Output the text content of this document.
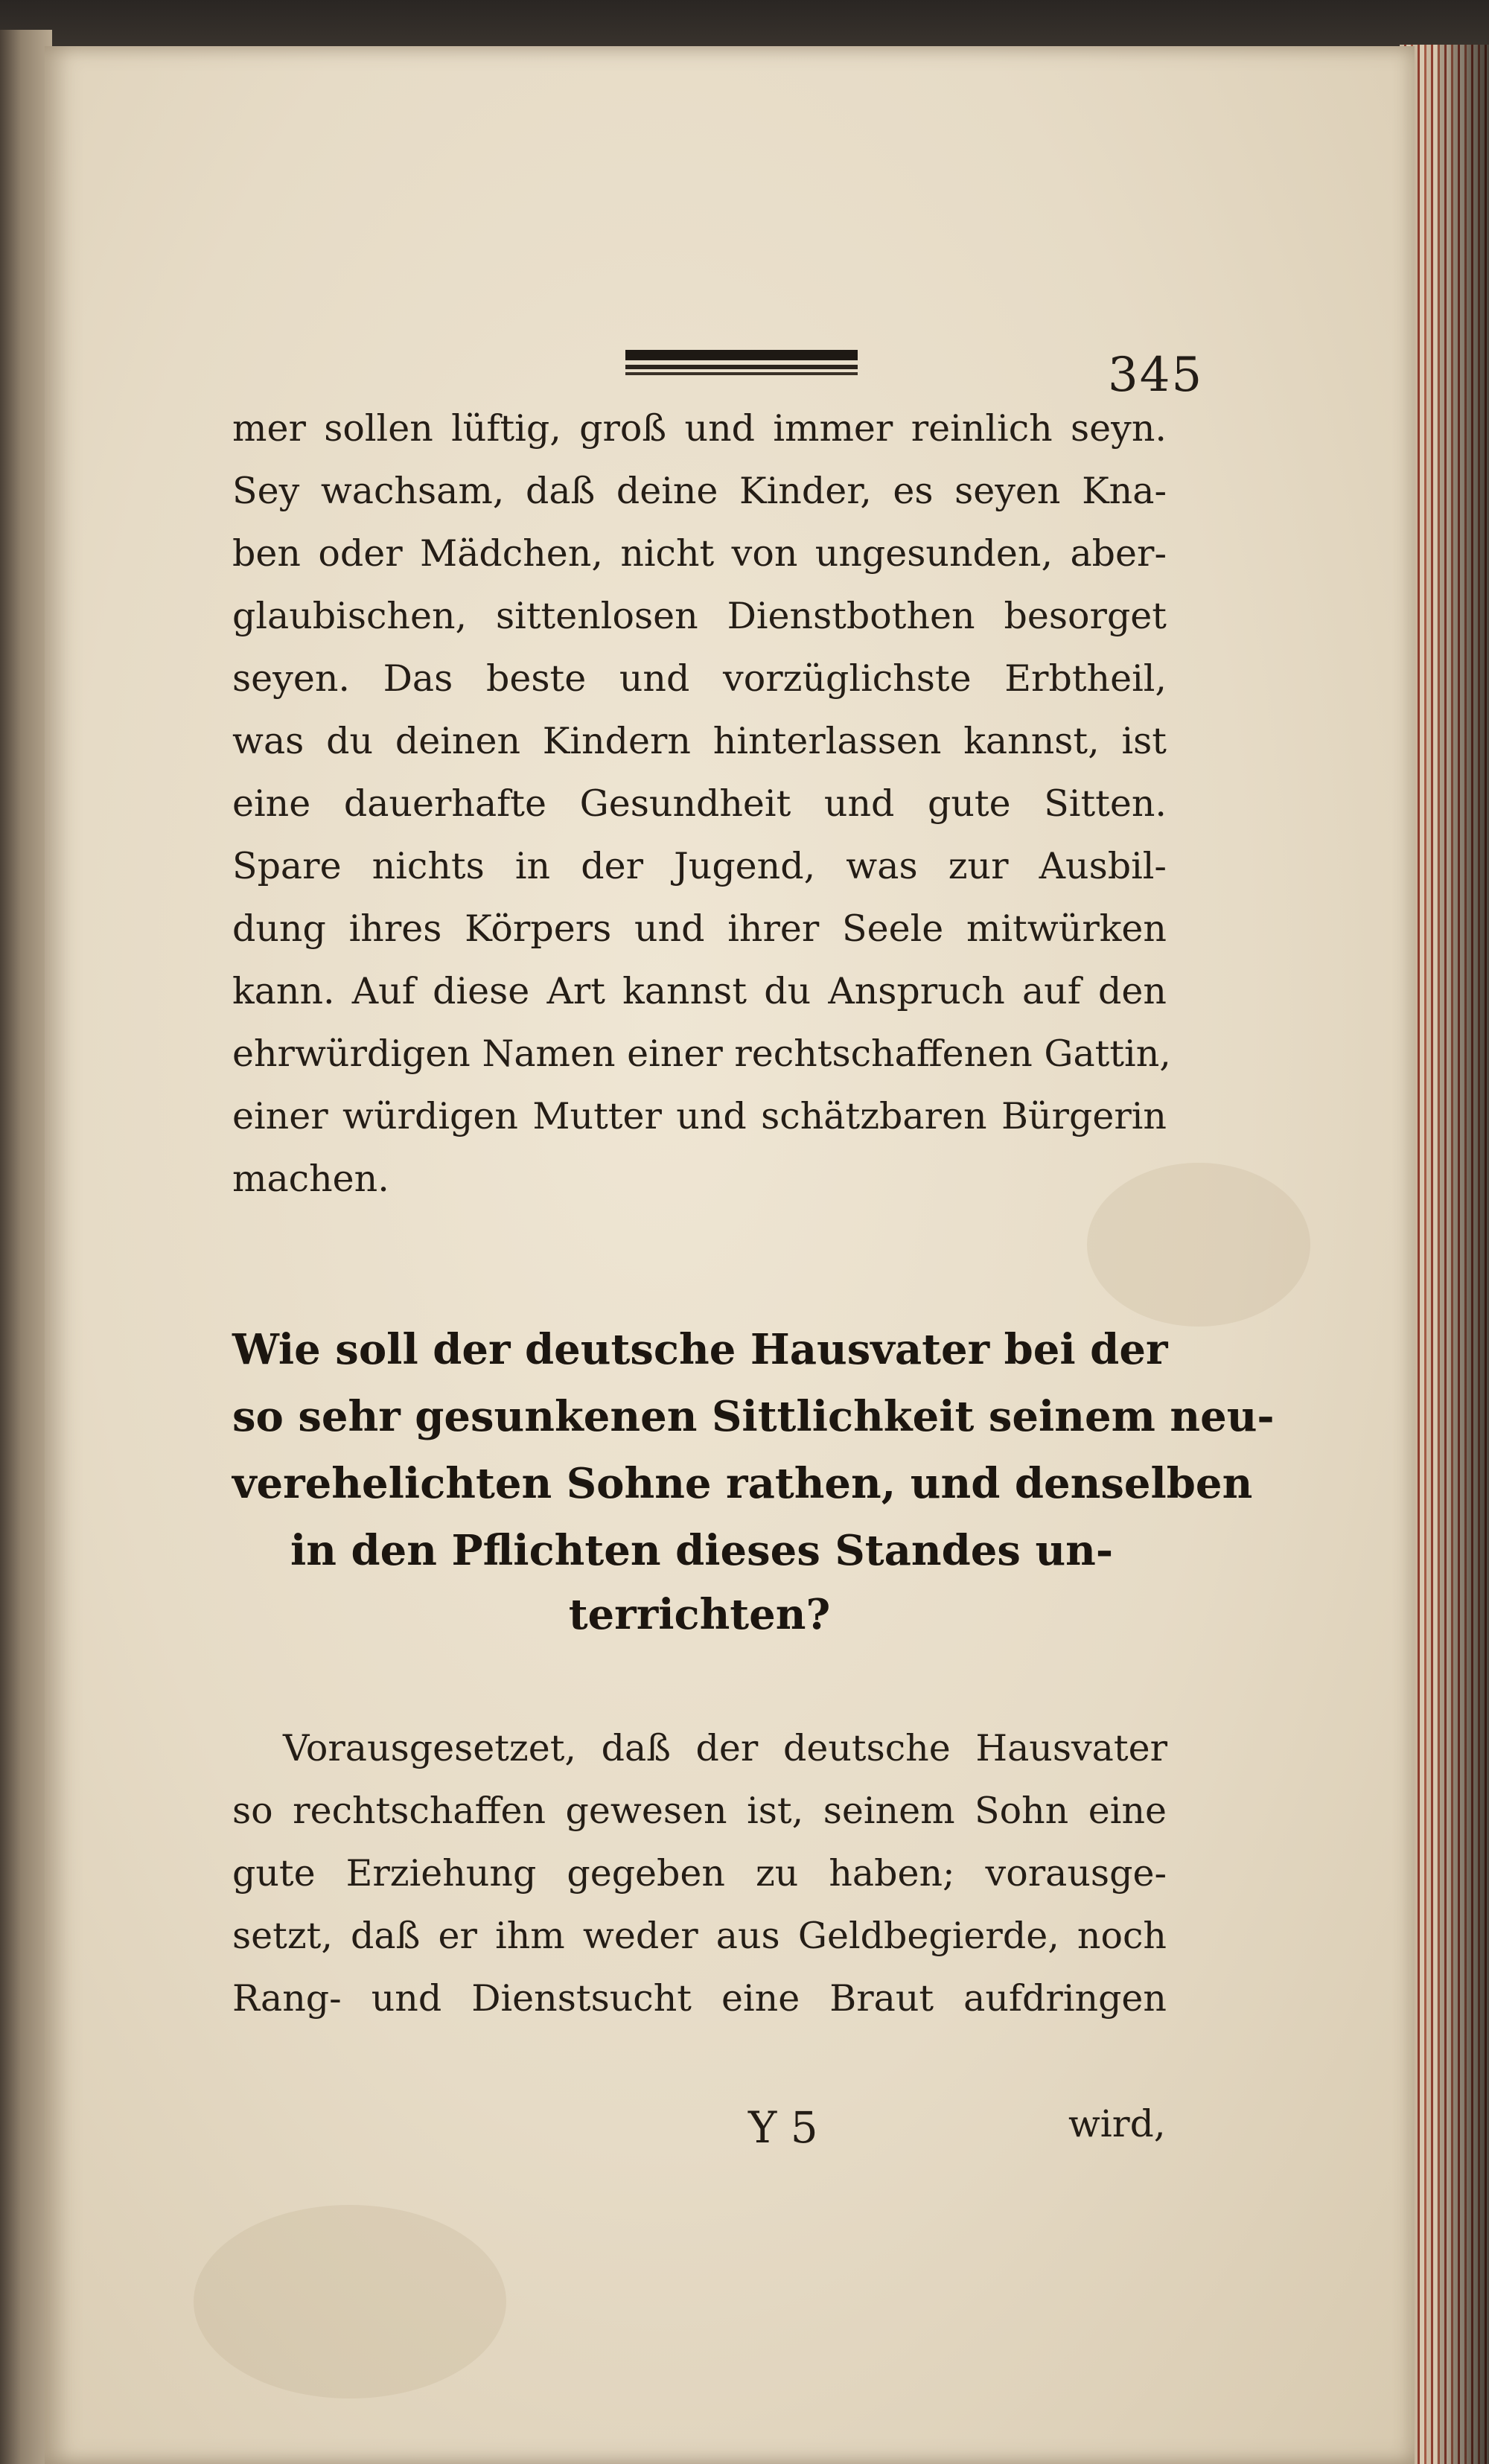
345
mer sollen lüftig, groß und immer reinlich seyn.
Sey wachsam, daß deine Kinder, es seyen Kna-
ben oder Mädchen, nicht von ungesunden, aber-
glaubischen, sittenlosen Dienstbothen besorget
seyen. Das beste und vorzüglichste Erbtheil,
was du deinen Kindern hinterlassen kannst, ist
eine dauerhafte Gesundheit und gute Sitten.
Spare nichts in der Jugend, was zur Ausbil-
dung ihres Körpers und ihrer Seele mitwürken
kann. Auf diese Art kannst du Anspruch auf den
ehrwürdigen Namen einer rechtschaffenen Gattin,
einer würdigen Mutter und schätzbaren Bürgerin
machen.
Wie soll der deutsche Hausvater bei der
so sehr gesunkenen Sittlichkeit seinem neu-
verehelichten Sohne rathen, und denselben
in den Pflichten dieses Standes un-
terrichten?
Vorausgesetzet, daß der deutsche Hausvater
so rechtschaffen gewesen ist, seinem Sohn eine
gute Erziehung gegeben zu haben; vorausge-
setzt, daß er ihm weder aus Geldbegierde, noch
Rang- und Dienstsucht eine Braut aufdringen
Y 5	wird,
